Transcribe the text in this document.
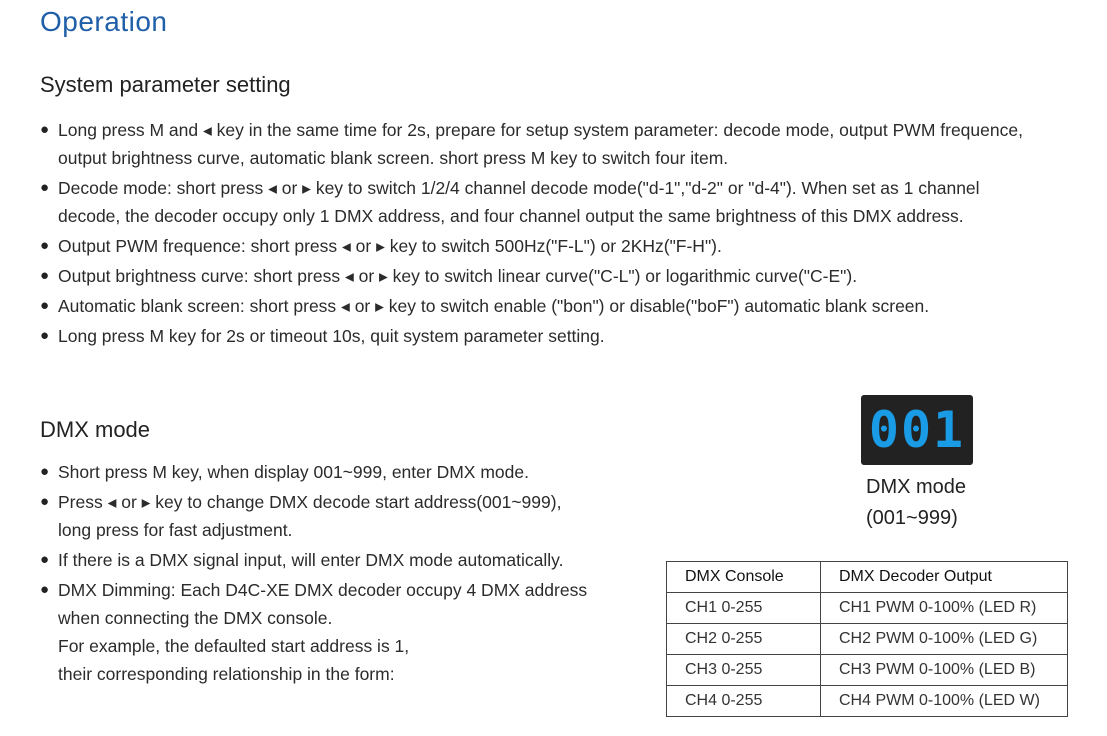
Operation
System parameter setting
● Long press M and ◂ key in the same time for 2s, prepare for setup system parameter: decode mode, output PWM frequence,
output brightness curve, automatic blank screen. short press M key to switch four item.
● Decode mode: short press ◂ or ▸ key to switch 1/2/4 channel decode mode("d-1","d-2" or "d-4"). When set as 1 channel
decode, the decoder occupy only 1 DMX address, and four channel output the same brightness of this DMX address.
● Output PWM frequence: short press ◂ or ▸ key to switch 500Hz("F-L") or 2KHz("F-H").
● Output brightness curve: short press ◂ or ▸ key to switch linear curve("C-L") or logarithmic curve("C-E").
● Automatic blank screen: short press ◂ or ▸ key to switch enable ("bon") or disable("boF") automatic blank screen.
● Long press M key for 2s or timeout 10s, quit system parameter setting.
DMX mode
● Short press M key, when display 001~999, enter DMX mode.
● Press ◂ or ▸ key to change DMX decode start address(001~999),
long press for fast adjustment.
● If there is a DMX signal input, will enter DMX mode automatically.
● DMX Dimming: Each D4C-XE DMX decoder occupy 4 DMX address
when connecting the DMX console.
For example, the defaulted start address is 1,
their corresponding relationship in the form:
001
DMX mode
(001~999)
DMX Console	DMX Decoder Output
CH1 0-255	CH1 PWM 0-100% (LED R)
CH2 0-255	CH2 PWM 0-100% (LED G)
CH3 0-255	CH3 PWM 0-100% (LED B)
CH4 0-255	CH4 PWM 0-100% (LED W)
